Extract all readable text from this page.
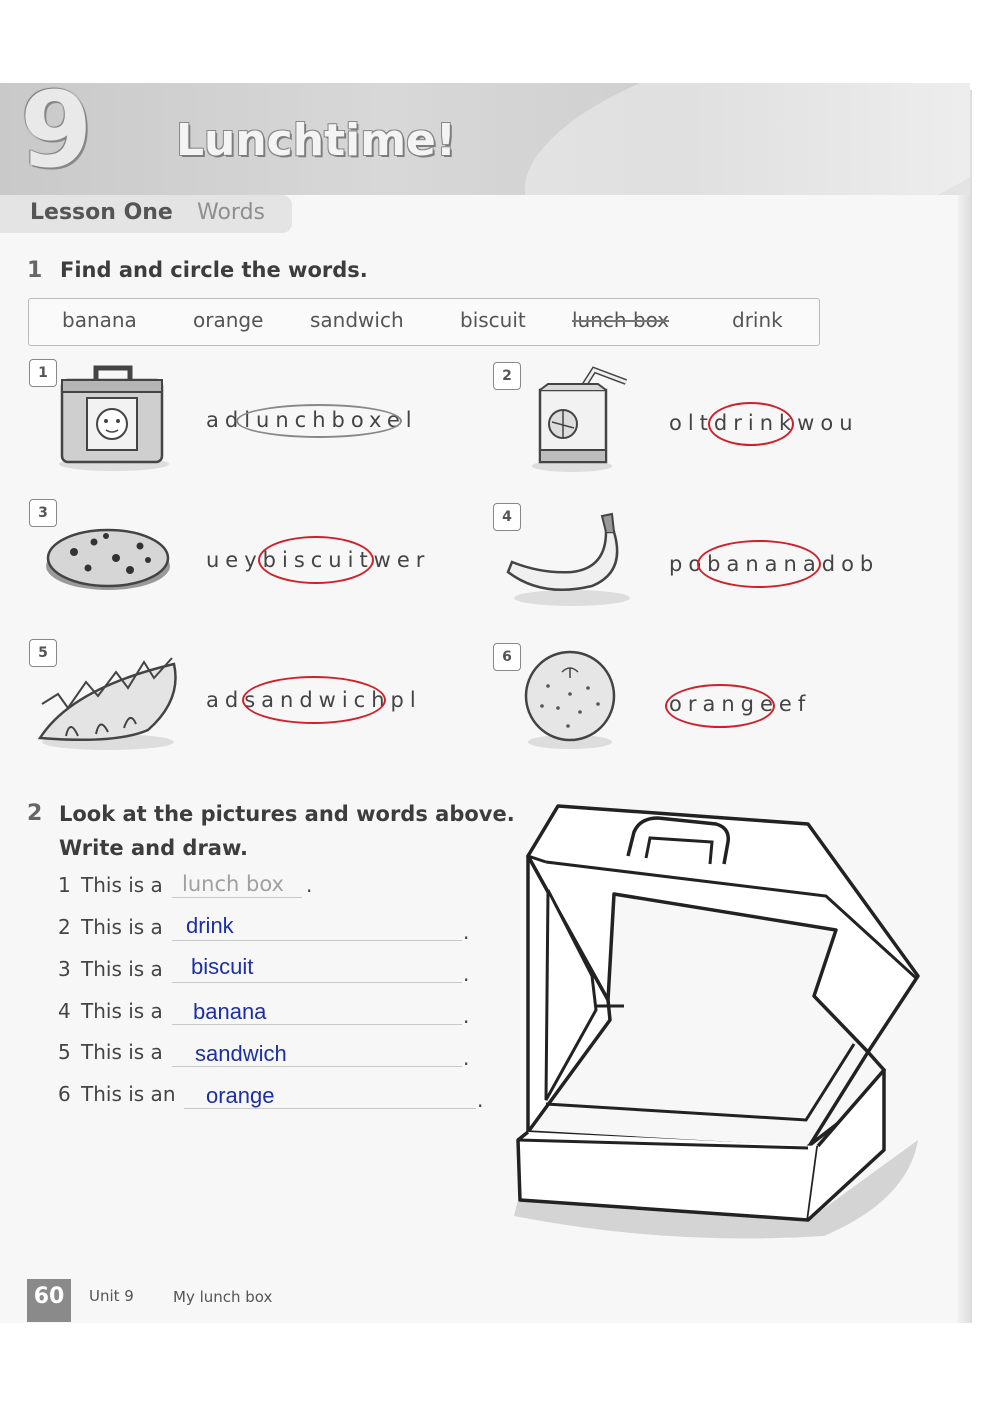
9 Lunchtime!
Lesson One Words
1 Find and circle the words.
banana	orange sandwich	biscuit lunch box	drink
1
adlunchboxel
2
oltdrinkwou
3
ueybiscuitwer
4
pobananadob
5
adsandwichpl
6
orangeef
2 Look at the pictures and words above.
Write and draw.
1 This is a lunch box .
2 This is a drink	.
3 This is a biscuit	.
4 This is a banana	.
5 This is a sandwich	.
6 This is an orange	.
60	Unit 9	My lunch box
